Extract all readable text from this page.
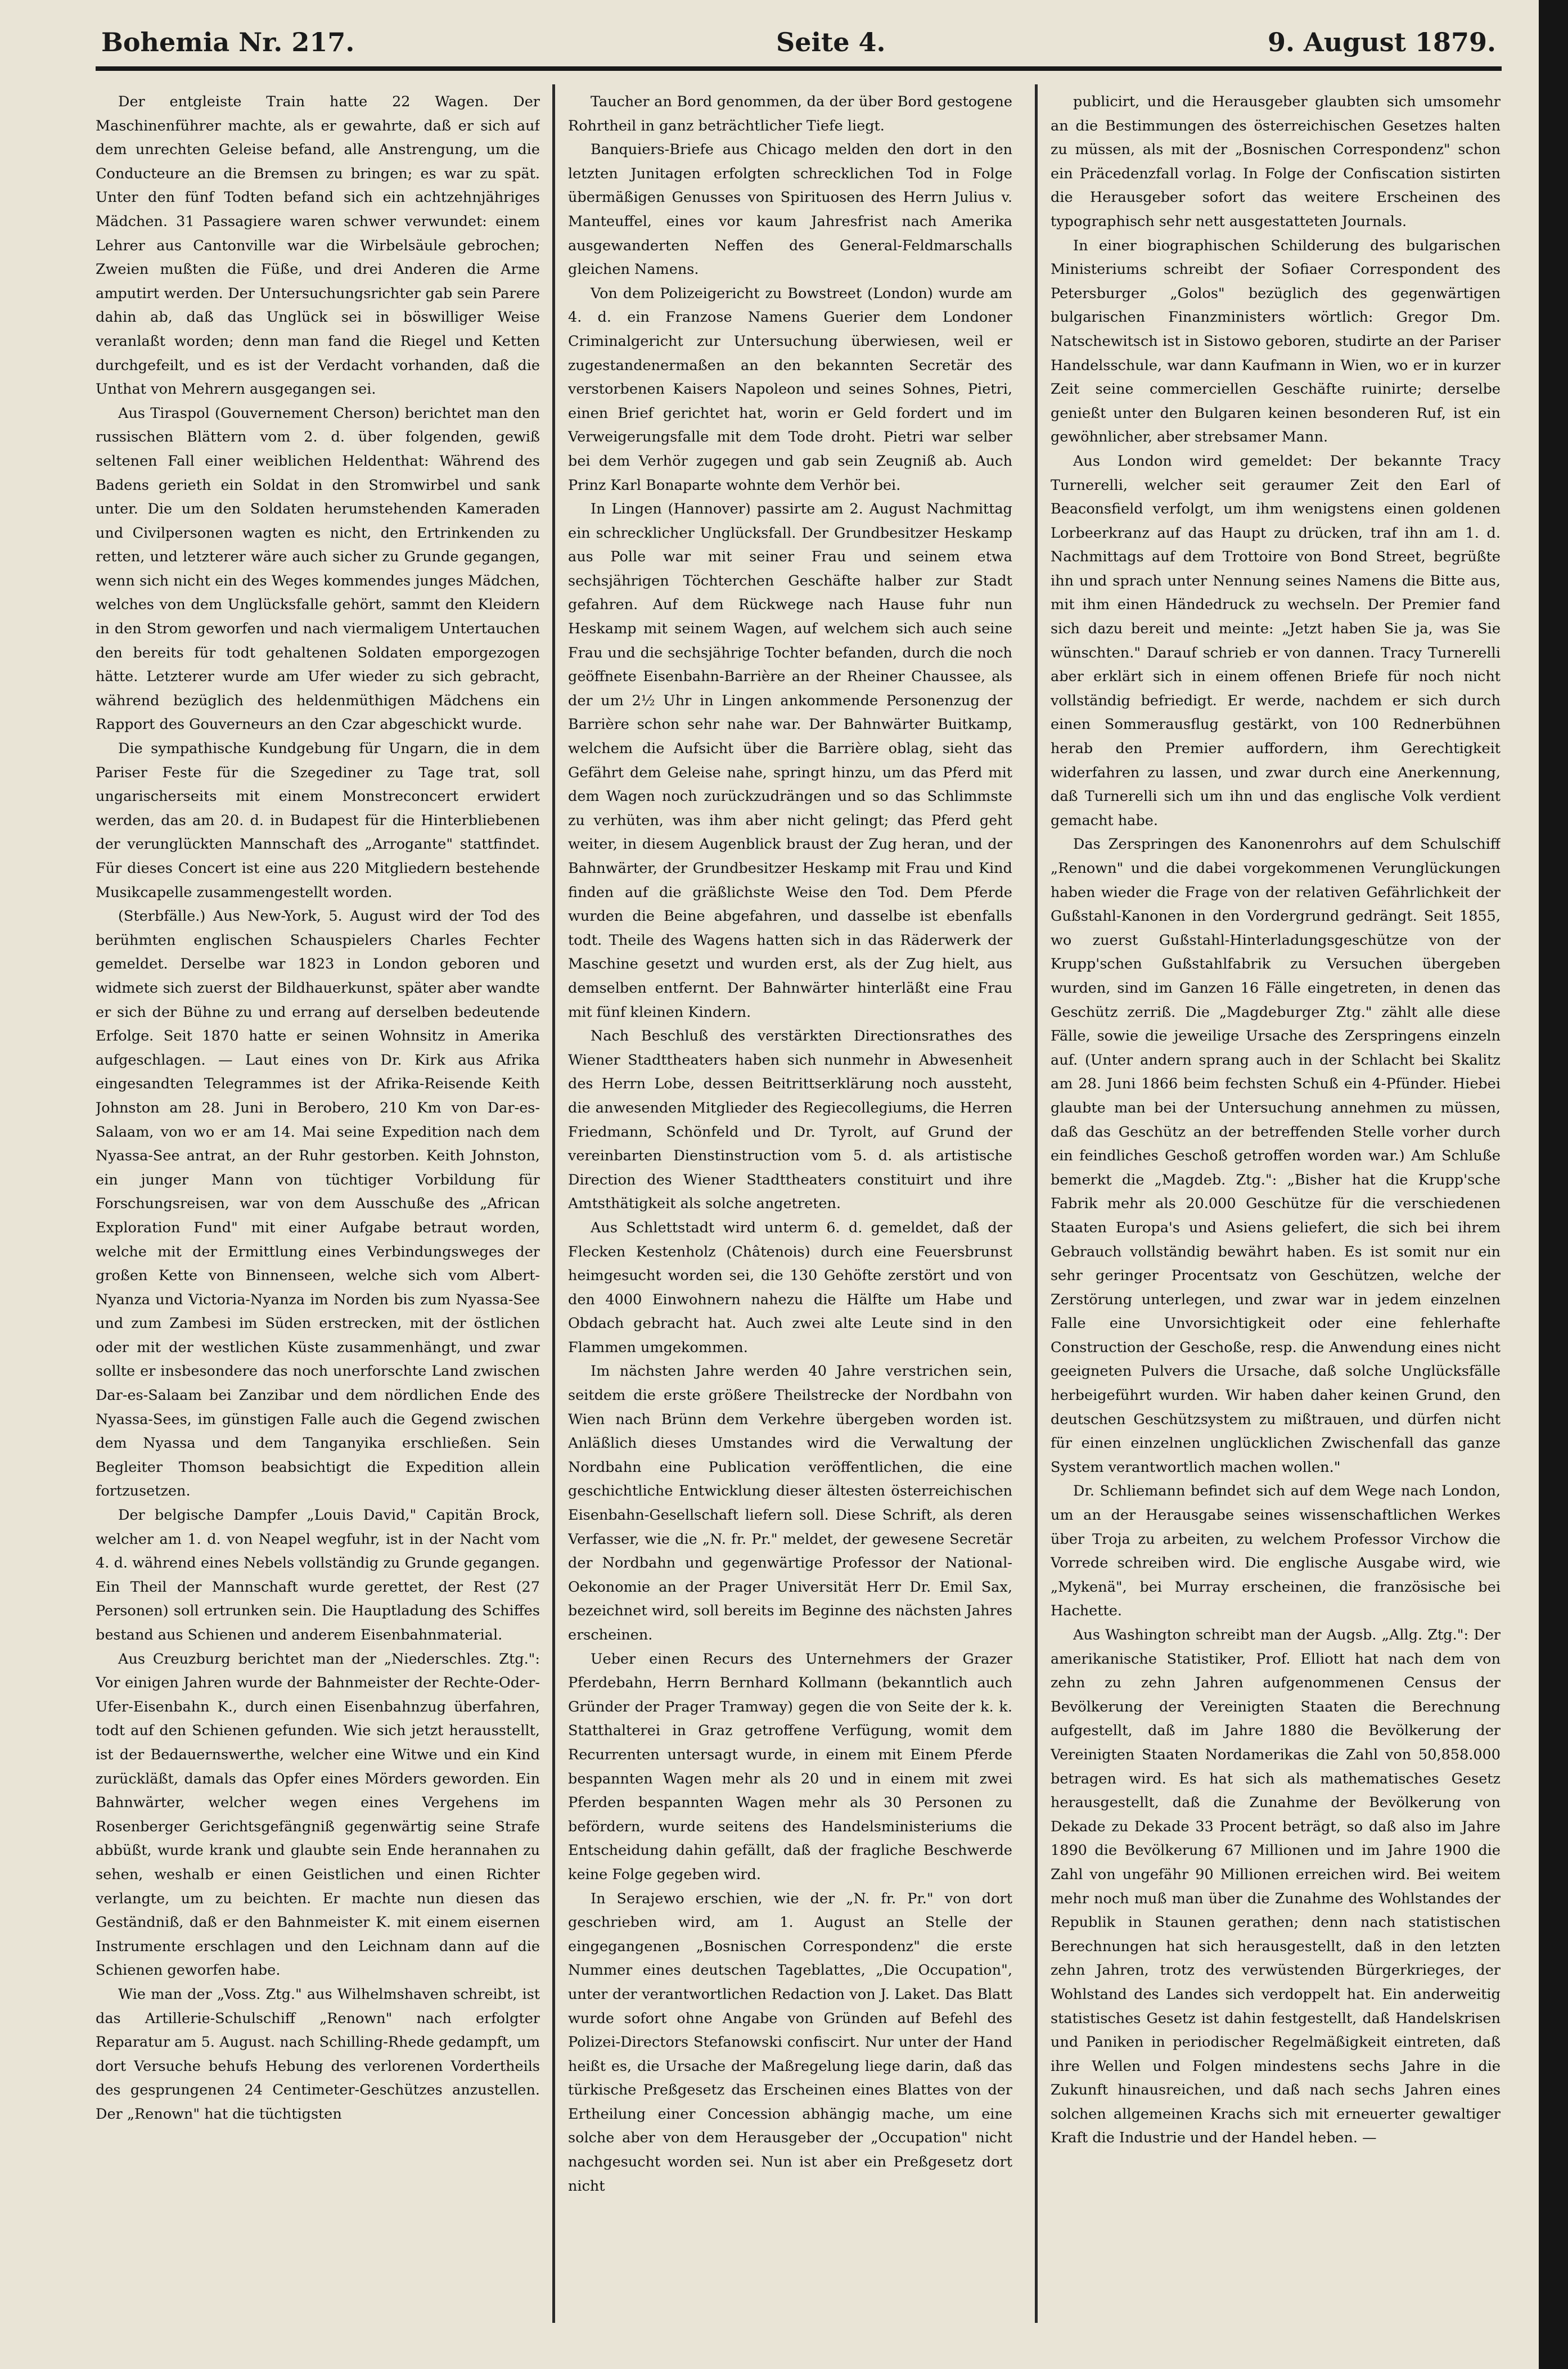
Bohemia Nr. 217.	Seite 4.	9. August 1879.

Der entgleiste Train hatte 22 Wagen. Der Maschinenführer machte, als er gewahrte, daß er sich auf dem unrechten Geleise befand, alle Anstrengung, um die Conducteure an die Bremsen zu bringen; es war zu spät. Unter den fünf Todten befand sich ein achtzehnjähriges Mädchen. 31 Passagiere waren schwer verwundet: einem Lehrer aus Cantonville war die Wirbelsäule gebrochen; Zweien mußten die Füße, und drei Anderen die Arme amputirt werden. Der Untersuchungsrichter gab sein Parere dahin ab, daß das Unglück sei in böswilliger Weise veranlaßt worden; denn man fand die Riegel und Ketten durchgefeilt, und es ist der Verdacht vorhanden, daß die Unthat von Mehrern ausgegangen sei.

Aus Tiraspol (Gouvernement Cherson) berichtet man den russischen Blättern vom 2. d. über folgenden, gewiß seltenen Fall einer weiblichen Heldenthat: Während des Badens gerieth ein Soldat in den Stromwirbel und sank unter. Die um den Soldaten herumstehenden Kameraden und Civilpersonen wagten es nicht, den Ertrinkenden zu retten, und letzterer wäre auch sicher zu Grunde gegangen, wenn sich nicht ein des Weges kommendes junges Mädchen, welches von dem Unglücksfalle gehört, sammt den Kleidern in den Strom geworfen und nach viermaligem Untertauchen den bereits für todt gehaltenen Soldaten emporgezogen hätte. Letzterer wurde am Ufer wieder zu sich gebracht, während bezüglich des heldenmüthigen Mädchens ein Rapport des Gouverneurs an den Czar abgeschickt wurde.

Die sympathische Kundgebung für Ungarn, die in dem Pariser Feste für die Szegediner zu Tage trat, soll ungarischerseits mit einem Monstreconcert erwidert werden, das am 20. d. in Budapest für die Hinterbliebenen der verunglückten Mannschaft des „Arrogante" stattfindet. Für dieses Concert ist eine aus 220 Mitgliedern bestehende Musikcapelle zusammengestellt worden.

(Sterbfälle.) Aus New-York, 5. August wird der Tod des berühmten englischen Schauspielers Charles Fechter gemeldet. Derselbe war 1823 in London geboren und widmete sich zuerst der Bildhauerkunst, später aber wandte er sich der Bühne zu und errang auf derselben bedeutende Erfolge. Seit 1870 hatte er seinen Wohnsitz in Amerika aufgeschlagen. — Laut eines von Dr. Kirk aus Afrika eingesandten Telegrammes ist der Afrika-Reisende Keith Johnston am 28. Juni in Berobero, 210 Km von Dar-es-Salaam, von wo er am 14. Mai seine Expedition nach dem Nyassa-See antrat, an der Ruhr gestorben. Keith Johnston, ein junger Mann von tüchtiger Vorbildung für Forschungsreisen, war von dem Ausschuße des „African Exploration Fund" mit einer Aufgabe betraut worden, welche mit der Ermittlung eines Verbindungsweges der großen Kette von Binnenseen, welche sich vom Albert-Nyanza und Victoria-Nyanza im Norden bis zum Nyassa-See und zum Zambesi im Süden erstrecken, mit der östlichen oder mit der westlichen Küste zusammenhängt, und zwar sollte er insbesondere das noch unerforschte Land zwischen Dar-es-Salaam bei Zanzibar und dem nördlichen Ende des Nyassa-Sees, im günstigen Falle auch die Gegend zwischen dem Nyassa und dem Tanganyika erschließen. Sein Begleiter Thomson beabsichtigt die Expedition allein fortzusetzen.

Der belgische Dampfer „Louis David," Capitän Brock, welcher am 1. d. von Neapel wegfuhr, ist in der Nacht vom 4. d. während eines Nebels vollständig zu Grunde gegangen. Ein Theil der Mannschaft wurde gerettet, der Rest (27 Personen) soll ertrunken sein. Die Hauptladung des Schiffes bestand aus Schienen und anderem Eisenbahnmaterial.

Aus Creuzburg berichtet man der „Niederschles. Ztg.": Vor einigen Jahren wurde der Bahnmeister der Rechte-Oder-Ufer-Eisenbahn K., durch einen Eisenbahnzug überfahren, todt auf den Schienen gefunden. Wie sich jetzt herausstellt, ist der Bedauernswerthe, welcher eine Witwe und ein Kind zurückläßt, damals das Opfer eines Mörders geworden. Ein Bahnwärter, welcher wegen eines Vergehens im Rosenberger Gerichtsgefängniß gegenwärtig seine Strafe abbüßt, wurde krank und glaubte sein Ende herannahen zu sehen, weshalb er einen Geistlichen und einen Richter verlangte, um zu beichten. Er machte nun diesen das Geständniß, daß er den Bahnmeister K. mit einem eisernen Instrumente erschlagen und den Leichnam dann auf die Schienen geworfen habe.

Wie man der „Voss. Ztg." aus Wilhelmshaven schreibt, ist das Artillerie-Schulschiff „Renown" nach erfolgter Reparatur am 5. August. nach Schilling-Rhede gedampft, um dort Versuche behufs Hebung des verlorenen Vordertheils des gesprungenen 24 Centimeter-Geschützes anzustellen. Der „Renown" hat die tüchtigsten

Taucher an Bord genommen, da der über Bord gestogene Rohrtheil in ganz beträchtlicher Tiefe liegt.

Banquiers-Briefe aus Chicago melden den dort in den letzten Junitagen erfolgten schrecklichen Tod in Folge übermäßigen Genusses von Spirituosen des Herrn Julius v. Manteuffel, eines vor kaum Jahresfrist nach Amerika ausgewanderten Neffen des General-Feldmarschalls gleichen Namens.

Von dem Polizeigericht zu Bowstreet (London) wurde am 4. d. ein Franzose Namens Guerier dem Londoner Criminalgericht zur Untersuchung überwiesen, weil er zugestandenermaßen an den bekannten Secretär des verstorbenen Kaisers Napoleon und seines Sohnes, Pietri, einen Brief gerichtet hat, worin er Geld fordert und im Verweigerungsfalle mit dem Tode droht. Pietri war selber bei dem Verhör zugegen und gab sein Zeugniß ab. Auch Prinz Karl Bonaparte wohnte dem Verhör bei.

In Lingen (Hannover) passirte am 2. August Nachmittag ein schrecklicher Unglücksfall. Der Grundbesitzer Heskamp aus Polle war mit seiner Frau und seinem etwa sechsjährigen Töchterchen Geschäfte halber zur Stadt gefahren. Auf dem Rückwege nach Hause fuhr nun Heskamp mit seinem Wagen, auf welchem sich auch seine Frau und die sechsjährige Tochter befanden, durch die noch geöffnete Eisenbahn-Barrière an der Rheiner Chaussee, als der um 2½ Uhr in Lingen ankommende Personenzug der Barrière schon sehr nahe war. Der Bahnwärter Buitkamp, welchem die Aufsicht über die Barrière oblag, sieht das Gefährt dem Geleise nahe, springt hinzu, um das Pferd mit dem Wagen noch zurückzudrängen und so das Schlimmste zu verhüten, was ihm aber nicht gelingt; das Pferd geht weiter, in diesem Augenblick braust der Zug heran, und der Bahnwärter, der Grundbesitzer Heskamp mit Frau und Kind finden auf die gräßlichste Weise den Tod. Dem Pferde wurden die Beine abgefahren, und dasselbe ist ebenfalls todt. Theile des Wagens hatten sich in das Räderwerk der Maschine gesetzt und wurden erst, als der Zug hielt, aus demselben entfernt. Der Bahnwärter hinterläßt eine Frau mit fünf kleinen Kindern.

Nach Beschluß des verstärkten Directionsrathes des Wiener Stadttheaters haben sich nunmehr in Abwesenheit des Herrn Lobe, dessen Beitrittserklärung noch aussteht, die anwesenden Mitglieder des Regiecollegiums, die Herren Friedmann, Schönfeld und Dr. Tyrolt, auf Grund der vereinbarten Dienstinstruction vom 5. d. als artistische Direction des Wiener Stadttheaters constituirt und ihre Amtsthätigkeit als solche angetreten.

Aus Schlettstadt wird unterm 6. d. gemeldet, daß der Flecken Kestenholz (Châtenois) durch eine Feuersbrunst heimgesucht worden sei, die 130 Gehöfte zerstört und von den 4000 Einwohnern nahezu die Hälfte um Habe und Obdach gebracht hat. Auch zwei alte Leute sind in den Flammen umgekommen.

Im nächsten Jahre werden 40 Jahre verstrichen sein, seitdem die erste größere Theilstrecke der Nordbahn von Wien nach Brünn dem Verkehre übergeben worden ist. Anläßlich dieses Umstandes wird die Verwaltung der Nordbahn eine Publication veröffentlichen, die eine geschichtliche Entwicklung dieser ältesten österreichischen Eisenbahn-Gesellschaft liefern soll. Diese Schrift, als deren Verfasser, wie die „N. fr. Pr." meldet, der gewesene Secretär der Nordbahn und gegenwärtige Professor der National-Oekonomie an der Prager Universität Herr Dr. Emil Sax, bezeichnet wird, soll bereits im Beginne des nächsten Jahres erscheinen.

Ueber einen Recurs des Unternehmers der Grazer Pferdebahn, Herrn Bernhard Kollmann (bekanntlich auch Gründer der Prager Tramway) gegen die von Seite der k. k. Statthalterei in Graz getroffene Verfügung, womit dem Recurrenten untersagt wurde, in einem mit Einem Pferde bespannten Wagen mehr als 20 und in einem mit zwei Pferden bespannten Wagen mehr als 30 Personen zu befördern, wurde seitens des Handelsministeriums die Entscheidung dahin gefällt, daß der fragliche Beschwerde keine Folge gegeben wird.

In Serajewo erschien, wie der „N. fr. Pr." von dort geschrieben wird, am 1. August an Stelle der eingegangenen „Bosnischen Correspondenz" die erste Nummer eines deutschen Tageblattes, „Die Occupation", unter der verantwortlichen Redaction von J. Laket. Das Blatt wurde sofort ohne Angabe von Gründen auf Befehl des Polizei-Directors Stefanowski confiscirt. Nur unter der Hand heißt es, die Ursache der Maßregelung liege darin, daß das türkische Preßgesetz das Erscheinen eines Blattes von der Ertheilung einer Concession abhängig mache, um eine solche aber von dem Herausgeber der „Occupation" nicht nachgesucht worden sei. Nun ist aber ein Preßgesetz dort nicht

publicirt, und die Herausgeber glaubten sich umsomehr an die Bestimmungen des österreichischen Gesetzes halten zu müssen, als mit der „Bosnischen Correspondenz" schon ein Präcedenzfall vorlag. In Folge der Confiscation sistirten die Herausgeber sofort das weitere Erscheinen des typographisch sehr nett ausgestatteten Journals.

In einer biographischen Schilderung des bulgarischen Ministeriums schreibt der Sofiaer Correspondent des Petersburger „Golos" bezüglich des gegenwärtigen bulgarischen Finanzministers wörtlich: Gregor Dm. Natschewitsch ist in Sistowo geboren, studirte an der Pariser Handelsschule, war dann Kaufmann in Wien, wo er in kurzer Zeit seine commerciellen Geschäfte ruinirte; derselbe genießt unter den Bulgaren keinen besonderen Ruf, ist ein gewöhnlicher, aber strebsamer Mann.

Aus London wird gemeldet: Der bekannte Tracy Turnerelli, welcher seit geraumer Zeit den Earl of Beaconsfield verfolgt, um ihm wenigstens einen goldenen Lorbeerkranz auf das Haupt zu drücken, traf ihn am 1. d. Nachmittags auf dem Trottoire von Bond Street, begrüßte ihn und sprach unter Nennung seines Namens die Bitte aus, mit ihm einen Händedruck zu wechseln. Der Premier fand sich dazu bereit und meinte: „Jetzt haben Sie ja, was Sie wünschten." Darauf schrieb er von dannen. Tracy Turnerelli aber erklärt sich in einem offenen Briefe für noch nicht vollständig befriedigt. Er werde, nachdem er sich durch einen Sommerausflug gestärkt, von 100 Rednerbühnen herab den Premier auffordern, ihm Gerechtigkeit widerfahren zu lassen, und zwar durch eine Anerkennung, daß Turnerelli sich um ihn und das englische Volk verdient gemacht habe.

Das Zerspringen des Kanonenrohrs auf dem Schulschiff „Renown" und die dabei vorgekommenen Verunglückungen haben wieder die Frage von der relativen Gefährlichkeit der Gußstahl-Kanonen in den Vordergrund gedrängt. Seit 1855, wo zuerst Gußstahl-Hinterladungsgeschütze von der Krupp'schen Gußstahlfabrik zu Versuchen übergeben wurden, sind im Ganzen 16 Fälle eingetreten, in denen das Geschütz zerriß. Die „Magdeburger Ztg." zählt alle diese Fälle, sowie die jeweilige Ursache des Zerspringens einzeln auf. (Unter andern sprang auch in der Schlacht bei Skalitz am 28. Juni 1866 beim fechsten Schuß ein 4-Pfünder. Hiebei glaubte man bei der Untersuchung annehmen zu müssen, daß das Geschütz an der betreffenden Stelle vorher durch ein feindliches Geschoß getroffen worden war.) Am Schluße bemerkt die „Magdeb. Ztg.": „Bisher hat die Krupp'sche Fabrik mehr als 20.000 Geschütze für die verschiedenen Staaten Europa's und Asiens geliefert, die sich bei ihrem Gebrauch vollständig bewährt haben. Es ist somit nur ein sehr geringer Procentsatz von Geschützen, welche der Zerstörung unterlegen, und zwar war in jedem einzelnen Falle eine Unvorsichtigkeit oder eine fehlerhafte Construction der Geschoße, resp. die Anwendung eines nicht geeigneten Pulvers die Ursache, daß solche Unglücksfälle herbeigeführt wurden. Wir haben daher keinen Grund, den deutschen Geschützsystem zu mißtrauen, und dürfen nicht für einen einzelnen unglücklichen Zwischenfall das ganze System verantwortlich machen wollen."

Dr. Schliemann befindet sich auf dem Wege nach London, um an der Herausgabe seines wissenschaftlichen Werkes über Troja zu arbeiten, zu welchem Professor Virchow die Vorrede schreiben wird. Die englische Ausgabe wird, wie „Mykenä", bei Murray erscheinen, die französische bei Hachette.

Aus Washington schreibt man der Augsb. „Allg. Ztg.": Der amerikanische Statistiker, Prof. Elliott hat nach dem von zehn zu zehn Jahren aufgenommenen Census der Bevölkerung der Vereinigten Staaten die Berechnung aufgestellt, daß im Jahre 1880 die Bevölkerung der Vereinigten Staaten Nordamerikas die Zahl von 50,858.000 betragen wird. Es hat sich als mathematisches Gesetz herausgestellt, daß die Zunahme der Bevölkerung von Dekade zu Dekade 33 Procent beträgt, so daß also im Jahre 1890 die Bevölkerung 67 Millionen und im Jahre 1900 die Zahl von ungefähr 90 Millionen erreichen wird. Bei weitem mehr noch muß man über die Zunahme des Wohlstandes der Republik in Staunen gerathen; denn nach statistischen Berechnungen hat sich herausgestellt, daß in den letzten zehn Jahren, trotz des verwüstenden Bürgerkrieges, der Wohlstand des Landes sich verdoppelt hat. Ein anderweitig statistisches Gesetz ist dahin festgestellt, daß Handelskrisen und Paniken in periodischer Regelmäßigkeit eintreten, daß ihre Wellen und Folgen mindestens sechs Jahre in die Zukunft hinausreichen, und daß nach sechs Jahren eines solchen allgemeinen Krachs sich mit erneuerter gewaltiger Kraft die Industrie und der Handel heben. —
